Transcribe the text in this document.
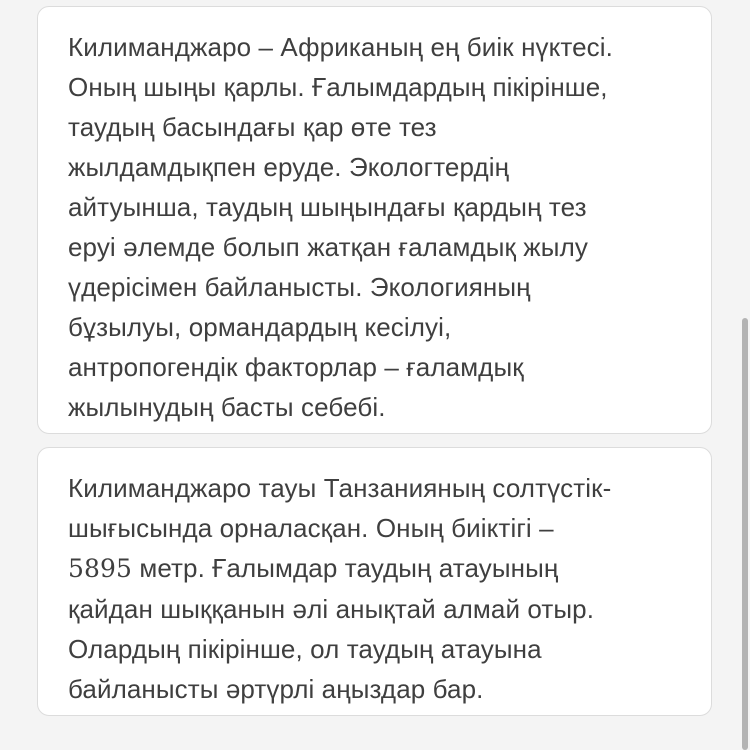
Килиманджаро – Африканың ең биік нүктесі.
Оның шыңы қарлы. Ғалымдардың пікірінше,
таудың басындағы қар өте тез
жылдамдықпен еруде. Экологтердің
айтуынша, таудың шыңындағы қардың тез
еруі әлемде болып жатқан ғаламдық жылу
үдерісімен байланысты. Экологияның
бұзылуы, ормандардың кесілуі,
антропогендік факторлар – ғаламдық
жылынудың басты себебі.

Килиманджаро тауы Танзанияның солтүстік-
шығысында орналасқан. Оның биіктігі –
5895 метр. Ғалымдар таудың атауының
қайдан шыққанын әлі анықтай алмай отыр.
Олардың пікірінше, ол таудың атауына
байланысты әртүрлі аңыздар бар.
